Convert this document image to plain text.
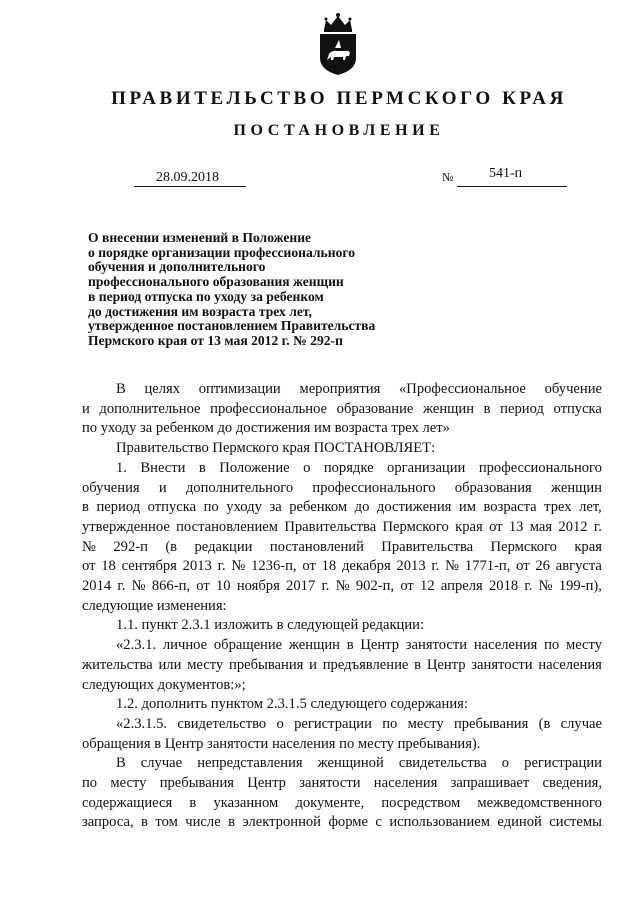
ПРАВИТЕЛЬСТВО ПЕРМСКОГО КРАЯ
ПОСТАНОВЛЕНИЕ
28.09.2018	№	541-п
О внесении изменений в Положение
о порядке организации профессионального
обучения и дополнительного
профессионального образования женщин
в период отпуска по уходу за ребенком
до достижения им возраста трех лет,
утвержденное постановлением Правительства
Пермского края от 13 мая 2012 г. № 292-п
В целях оптимизации мероприятия «Профессиональное обучение
и дополнительное профессиональное образование женщин в период отпуска
по уходу за ребенком до достижения им возраста трех лет»
Правительство Пермского края ПОСТАНОВЛЯЕТ:
1. Внести в Положение о порядке организации профессионального
обучения и дополнительного профессионального образования женщин
в период отпуска по уходу за ребенком до достижения им возраста трех лет,
утвержденное постановлением Правительства Пермского края от 13 мая 2012 г.
№ 292-п (в редакции постановлений Правительства Пермского края
от 18 сентября 2013 г. № 1236-п, от 18 декабря 2013 г. № 1771-п, от 26 августа
2014 г. № 866-п, от 10 ноября 2017 г. № 902-п, от 12 апреля 2018 г. № 199-п),
следующие изменения:
1.1. пункт 2.3.1 изложить в следующей редакции:
«2.3.1. личное обращение женщин в Центр занятости населения по месту
жительства или месту пребывания и предъявление в Центр занятости населения
следующих документов:»;
1.2. дополнить пунктом 2.3.1.5 следующего содержания:
«2.3.1.5. свидетельство о регистрации по месту пребывания (в случае
обращения в Центр занятости населения по месту пребывания).
В случае непредставления женщиной свидетельства о регистрации
по месту пребывания Центр занятости населения запрашивает сведения,
содержащиеся в указанном документе, посредством межведомственного
запроса, в том числе в электронной форме с использованием единой системы
